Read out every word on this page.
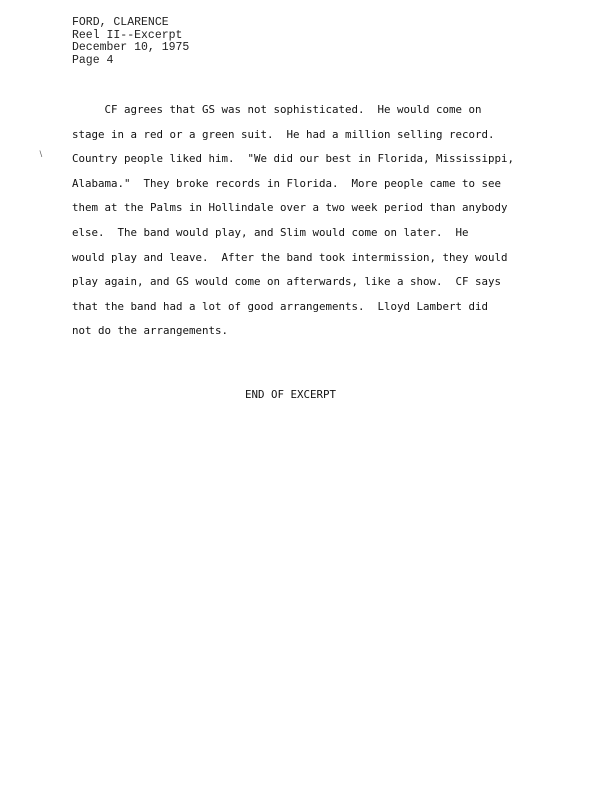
FORD, CLARENCE
Reel II--Excerpt
December 10, 1975
Page 4
∖
CF agrees that GS was not sophisticated.  He would come on
stage in a red or a green suit.  He had a million selling record.
Country people liked him.  "We did our best in Florida, Mississippi,
Alabama."  They broke records in Florida.  More people came to see
them at the Palms in Hollindale over a two week period than anybody
else.  The band would play, and Slim would come on later.  He
would play and leave.  After the band took intermission, they would
play again, and GS would come on afterwards, like a show.  CF says
that the band had a lot of good arrangements.  Lloyd Lambert did
not do the arrangements.
END OF EXCERPT
